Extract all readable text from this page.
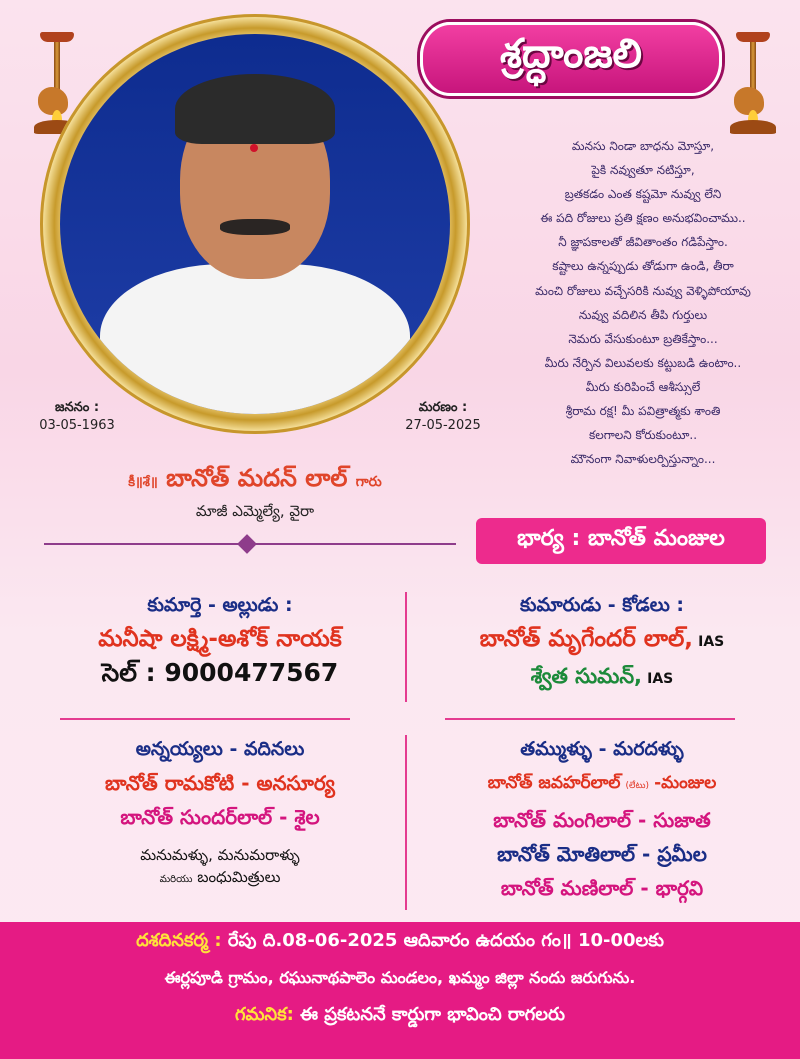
శ్రద్ధాంజలి
మనసు నిండా బాధను మోస్తూ,
పైకి నవ్వుతూ నటిస్తూ,
బ్రతకడం ఎంత కష్టమో నువ్వు లేని
ఈ పది రోజులు ప్రతి క్షణం అనుభవించాము..
నీ జ్ఞాపకాలతో జీవితాంతం గడిపేస్తాం.
కష్టాలు ఉన్నప్పుడు తోడుగా ఉండి, తీరా
మంచి రోజులు వచ్చేసరికి నువ్వు వెళ్ళిపోయావు
నువ్వు వదిలిన తీపి గుర్తులు
నెమరు వేసుకుంటూ బ్రతికేస్తాం...
మీరు నేర్పిన విలువలకు కట్టుబడి ఉంటాం..
మీరు కురిపించే ఆశీస్సులే
శ్రీరామ రక్ష! మీ పవిత్రాత్మకు శాంతి
కలగాలని కోరుకుంటూ..
మౌనంగా నివాళులర్పిస్తున్నాం...
జననం :
03-05-1963
మరణం :
27-05-2025
కీ॥శే॥ బానోత్ మదన్ లాల్ గారు
మాజీ ఎమ్మెల్యే, వైరా
భార్య : బానోత్ మంజుల
కుమార్తె - అల్లుడు :
మనీషా లక్ష్మి-అశోక్ నాయక్
సెల్ : 9000477567
కుమారుడు - కోడలు :
బానోత్ మృగేందర్ లాల్, IAS
శ్వేత సుమన్, IAS
అన్నయ్యలు - వదినలు
బానోత్ రామకోటి - అనసూర్య
బానోత్ సుందర్‌లాల్ - శైల
మనుమళ్ళు, మనుమరాళ్ళు
మరియు బంధుమిత్రులు
తమ్ముళ్ళు - మరదళ్ళు
బానోత్ జవహర్‌లాల్ (లేటు) -మంజుల
బానోత్ మంగిలాల్ - సుజాత
బానోత్ మోతిలాల్ - ప్రమీల
బానోత్ మణిలాల్ - భార్గవి
దశదినకర్మ : రేపు ది.08-06-2025 ఆదివారం ఉదయం గం॥ 10-00లకు
ఈర్లపూడి గ్రామం, రఘునాథపాలెం మండలం, ఖమ్మం జిల్లా నందు జరుగును.
గమనిక: ఈ ప్రకటననే కార్డుగా భావించి రాగలరు
